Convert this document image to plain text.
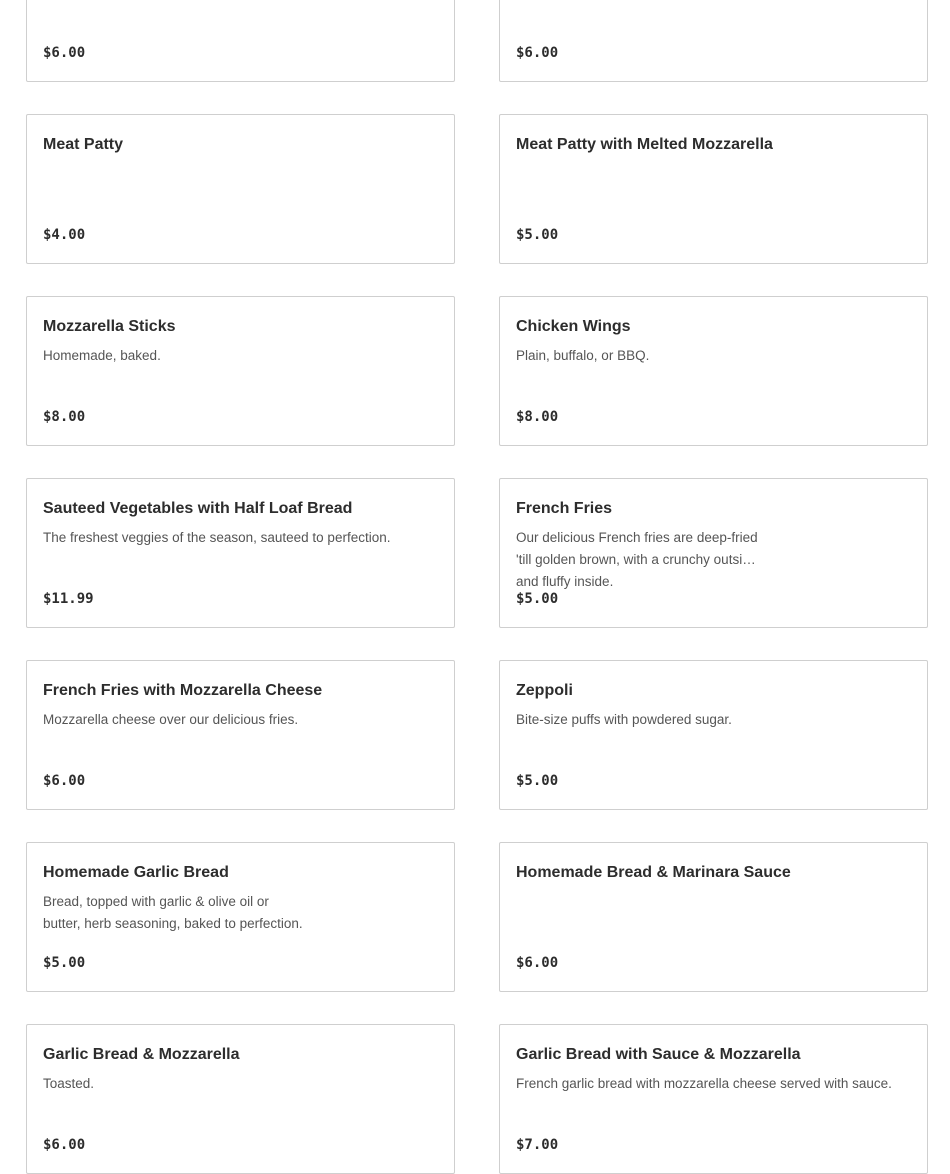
$6.00	$6.00
Meat Patty
$4.00
Meat Patty with Melted Mozzarella
$5.00
Mozzarella Sticks
Homemade, baked.
$8.00
Chicken Wings
Plain, buffalo, or BBQ.
$8.00
Sauteed Vegetables with Half Loaf Bread
The freshest veggies of the season, sauteed to perfection.
$11.99
French Fries
Our delicious French fries are deep-fried 'till golden brown, with a crunchy outside and fluffy inside.
$5.00
French Fries with Mozzarella Cheese
Mozzarella cheese over our delicious fries.
$6.00
Zeppoli
Bite-size puffs with powdered sugar.
$5.00
Homemade Garlic Bread
Bread, topped with garlic & olive oil or butter, herb seasoning, baked to perfection.
$5.00
Homemade Bread & Marinara Sauce
$6.00
Garlic Bread & Mozzarella
Toasted.
$6.00
Garlic Bread with Sauce & Mozzarella
French garlic bread with mozzarella cheese served with sauce.
$7.00
